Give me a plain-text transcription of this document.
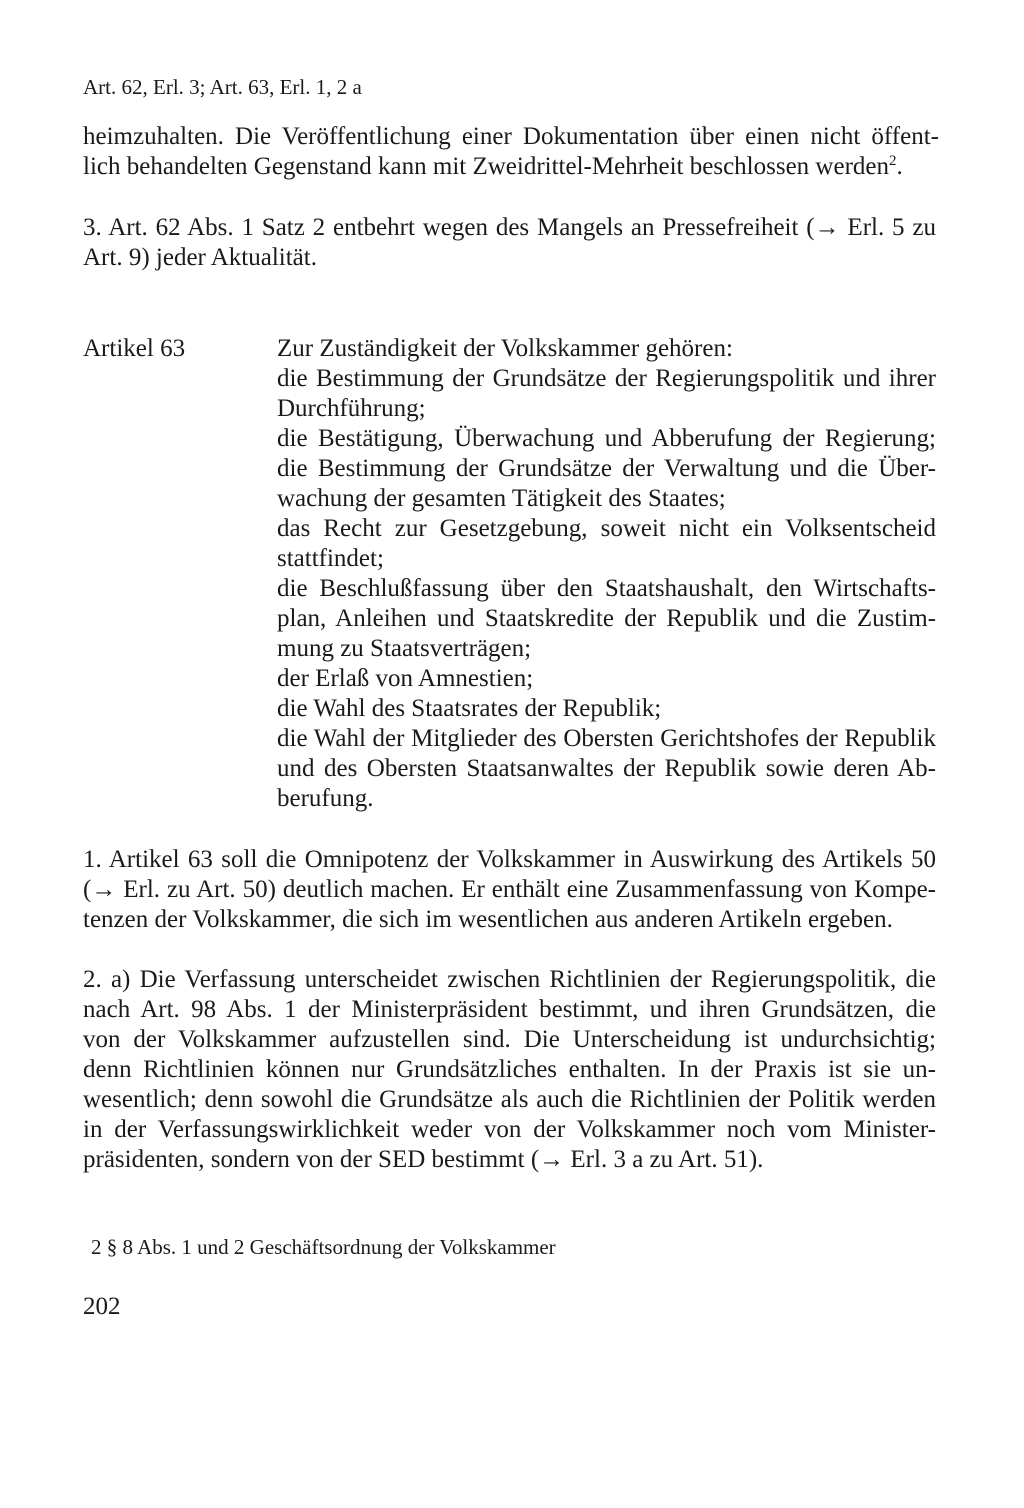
Art. 62, Erl. 3; Art. 63, Erl. 1, 2 a
heimzuhalten. Die Veröffentlichung einer Dokumentation über einen nicht öffent-
lich behandelten Gegenstand kann mit Zweidrittel-Mehrheit beschlossen werden$^2$.
3. Art. 62 Abs. 1 Satz 2 entbehrt wegen des Mangels an Pressefreiheit (→ Erl. 5 zu
Art. 9) jeder Aktualität.
Artikel 63	Zur Zuständigkeit der Volkskammer gehören:
die Bestimmung der Grundsätze der Regierungspolitik und ihrer
Durchführung;
die Bestätigung, Überwachung und Abberufung der Regierung;
die Bestimmung der Grundsätze der Verwaltung und die Über-
wachung der gesamten Tätigkeit des Staates;
das Recht zur Gesetzgebung, soweit nicht ein Volksentscheid
stattfindet;
die Beschlußfassung über den Staatshaushalt, den Wirtschafts-
plan, Anleihen und Staatskredite der Republik und die Zustim-
mung zu Staatsverträgen;
der Erlaß von Amnestien;
die Wahl des Staatsrates der Republik;
die Wahl der Mitglieder des Obersten Gerichtshofes der Republik
und des Obersten Staatsanwaltes der Republik sowie deren Ab-
berufung.
1. Artikel 63 soll die Omnipotenz der Volkskammer in Auswirkung des Artikels 50
(→ Erl. zu Art. 50) deutlich machen. Er enthält eine Zusammenfassung von Kompe-
tenzen der Volkskammer, die sich im wesentlichen aus anderen Artikeln ergeben.
2. a) Die Verfassung unterscheidet zwischen Richtlinien der Regierungspolitik, die
nach Art. 98 Abs. 1 der Ministerpräsident bestimmt, und ihren Grundsätzen, die
von der Volkskammer aufzustellen sind. Die Unterscheidung ist undurchsichtig;
denn Richtlinien können nur Grundsätzliches enthalten. In der Praxis ist sie un-
wesentlich; denn sowohl die Grundsätze als auch die Richtlinien der Politik werden
in der Verfassungswirklichkeit weder von der Volkskammer noch vom Minister-
präsidenten, sondern von der SED bestimmt (→ Erl. 3 a zu Art. 51).
2 § 8 Abs. 1 und 2 Geschäftsordnung der Volkskammer
202
